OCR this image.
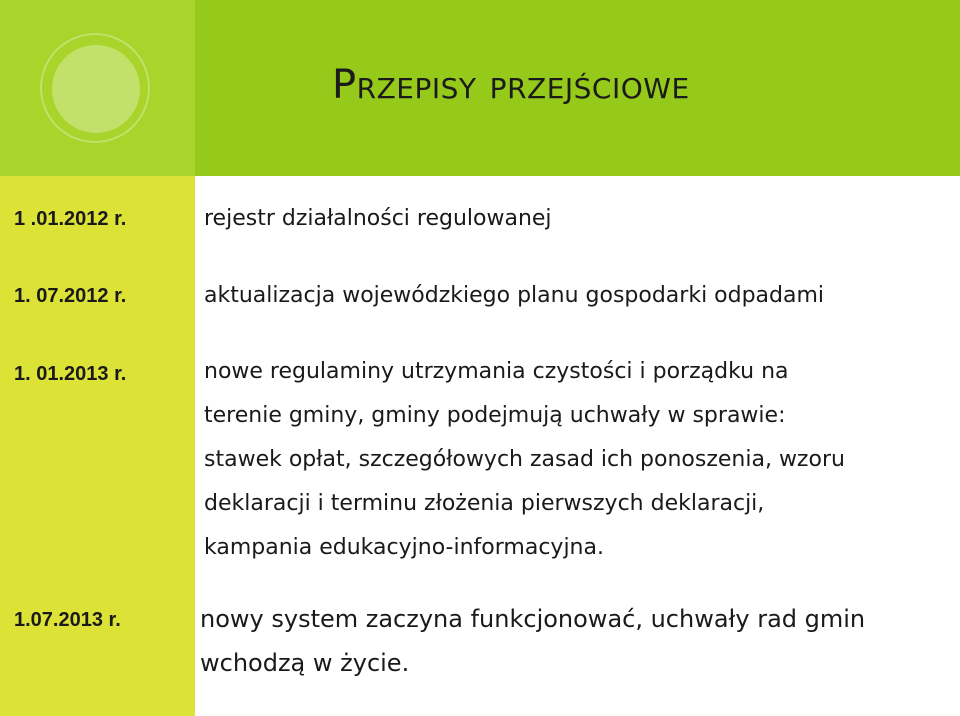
Przepisy przejściowe
1 .01.2012 r.	rejestr działalności regulowanej
1. 07.2012 r.	aktualizacja wojewódzkiego planu gospodarki odpadami
1. 01.2013 r.	nowe regulaminy utrzymania czystości i porządku na
terenie gminy, gminy podejmują uchwały w sprawie:
stawek opłat, szczegółowych zasad ich ponoszenia, wzoru
deklaracji i terminu złożenia pierwszych deklaracji,
kampania edukacyjno-informacyjna.
1.07.2013 r.	nowy system zaczyna funkcjonować, uchwały rad gmin
wchodzą w życie.
